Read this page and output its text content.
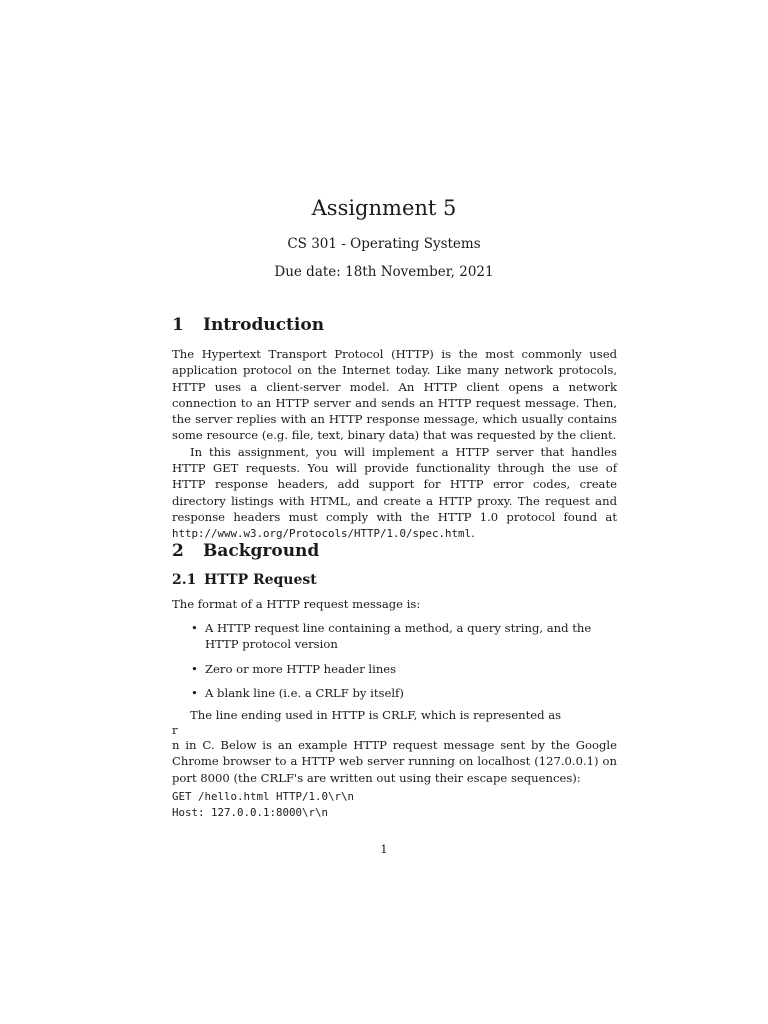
Assignment 5
CS 301 - Operating Systems
Due date: 18th November, 2021
1 Introduction

The Hypertext Transport Protocol (HTTP) is the most commonly used application protocol on the Internet today. Like many network protocols, HTTP uses a client-server model. An HTTP client opens a network connection to an HTTP server and sends an HTTP request message. Then, the server replies with an HTTP response message, which usually contains some resource (e.g. file, text, binary data) that was requested by the client.

In this assignment, you will implement a HTTP server that handles HTTP GET requests. You will provide functionality through the use of HTTP response headers, add support for HTTP error codes, create directory listings with HTML, and create a HTTP proxy. The request and response headers must comply with the HTTP 1.0 protocol found at http://www.w3.org/Protocols/HTTP/1.0/spec.html.

2 Background
2.1 HTTP Request
The format of a HTTP request message is:
• A HTTP request line containing a method, a query string, and the HTTP protocol version
• Zero or more HTTP header lines
• A blank line (i.e. a CRLF by itself)
The line ending used in HTTP is CRLF, which is represented as
r
n in C. Below is an example HTTP request message sent by the Google Chrome browser to a HTTP web server running on localhost (127.0.0.1) on port 8000 (the CRLF's are written out using their escape sequences):
GET /hello.html HTTP/1.0\r\n
Host: 127.0.0.1:8000\r\n
1
